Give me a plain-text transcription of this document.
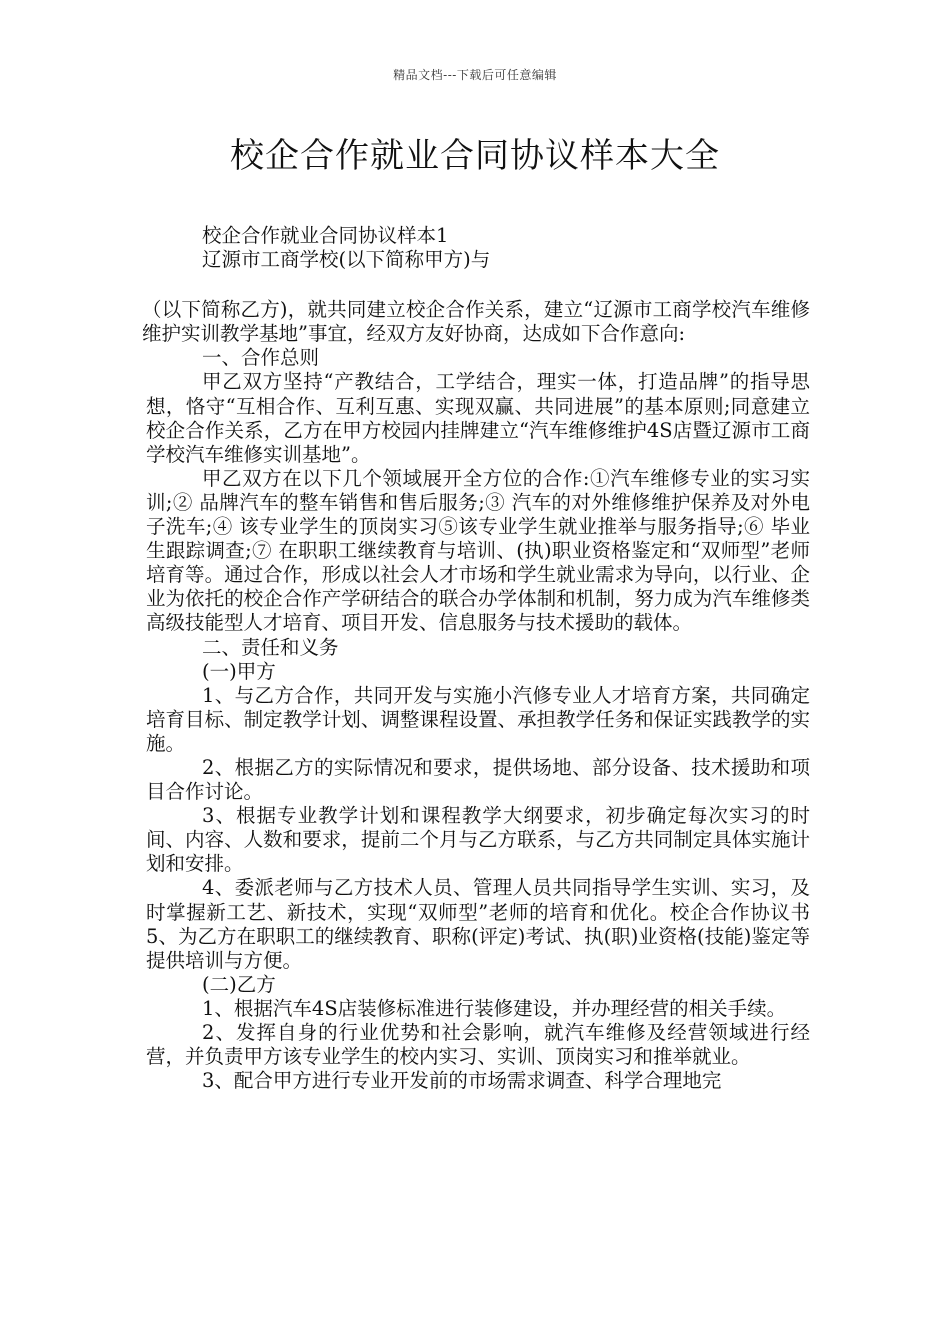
精品文档---下载后可任意编辑
校企合作就业合同协议样本大全

校企合作就业合同协议样本1

辽源市工商学校(以下简称甲方)与

（以下简称乙方)，就共同建立校企合作关系，建立“辽源市工商学校汽车维修维护实训教学基地”事宜，经双方友好协商，达成如下合作意向:

一、合作总则

甲乙双方坚持“产教结合，工学结合，理实一体，打造品牌”的指导思想，恪守“互相合作、互利互惠、实现双赢、共同进展”的基本原则;同意建立校企合作关系，乙方在甲方校园内挂牌建立“汽车维修维护4S店暨辽源市工商学校汽车维修实训基地”。

甲乙双方在以下几个领域展开全方位的合作:①汽车维修专业的实习实训;② 品牌汽车的整车销售和售后服务;③ 汽车的对外维修维护保养及对外电子洗车;④ 该专业学生的顶岗实习⑤该专业学生就业推举与服务指导;⑥ 毕业生跟踪调查;⑦ 在职职工继续教育与培训、(执)职业资格鉴定和“双师型”老师培育等。通过合作，形成以社会人才市场和学生就业需求为导向，以行业、企业为依托的校企合作产学研结合的联合办学体制和机制，努力成为汽车维修类高级技能型人才培育、项目开发、信息服务与技术援助的载体。

二、责任和义务

(一)甲方

1、与乙方合作，共同开发与实施小汽修专业人才培育方案，共同确定培育目标、制定教学计划、调整课程设置、承担教学任务和保证实践教学的实施。

2、根据乙方的实际情况和要求，提供场地、部分设备、技术援助和项目合作讨论。

3、根据专业教学计划和课程教学大纲要求，初步确定每次实习的时间、内容、人数和要求，提前二个月与乙方联系，与乙方共同制定具体实施计划和安排。

4、委派老师与乙方技术人员、管理人员共同指导学生实训、实习，及时掌握新工艺、新技术，实现“双师型”老师的培育和优化。校企合作协议书5、为乙方在职职工的继续教育、职称(评定)考试、执(职)业资格(技能)鉴定等提供培训与方便。

(二)乙方

1、根据汽车4S店装修标准进行装修建设，并办理经营的相关手续。

2、发挥自身的行业优势和社会影响，就汽车维修及经营领域进行经营，并负责甲方该专业学生的校内实习、实训、顶岗实习和推举就业。

3、配合甲方进行专业开发前的市场需求调查、科学合理地完
